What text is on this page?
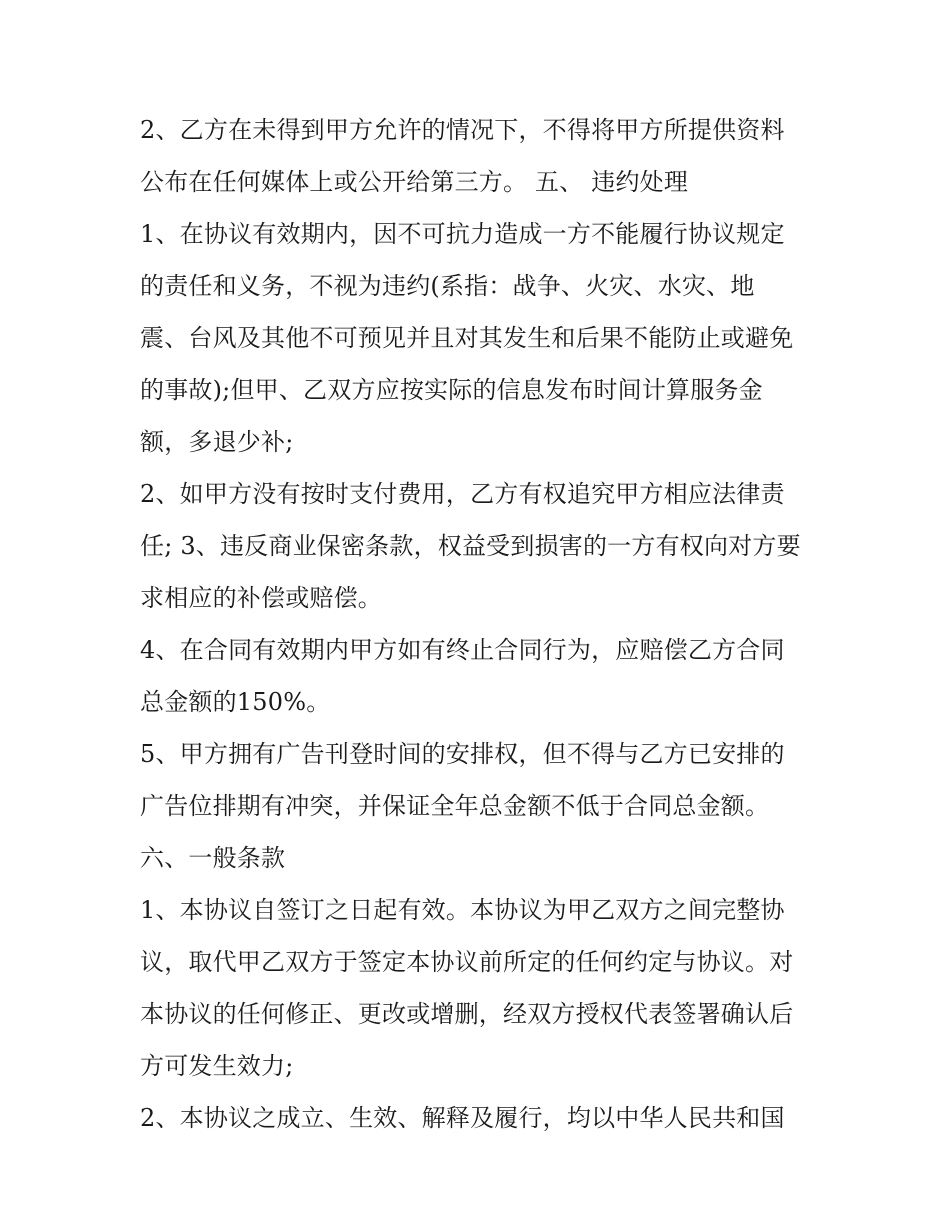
2、乙方在未得到甲方允许的情况下，不得将甲方所提供资料
公布在任何媒体上或公开给第三方。 五、 违约处理
1、在协议有效期内，因不可抗力造成一方不能履行协议规定
的责任和义务，不视为违约(系指：战争、火灾、水灾、地
震、台风及其他不可预见并且对其发生和后果不能防止或避免
的事故);但甲、乙双方应按实际的信息发布时间计算服务金
额，多退少补;
2、如甲方没有按时支付费用，乙方有权追究甲方相应法律责
任; 3、违反商业保密条款，权益受到损害的一方有权向对方要
求相应的补偿或赔偿。
4、在合同有效期内甲方如有终止合同行为，应赔偿乙方合同
总金额的150%。
5、甲方拥有广告刊登时间的安排权，但不得与乙方已安排的
广告位排期有冲突，并保证全年总金额不低于合同总金额。
六、一般条款
1、本协议自签订之日起有效。本协议为甲乙双方之间完整协
议，取代甲乙双方于签定本协议前所定的任何约定与协议。对
本协议的任何修正、更改或增删，经双方授权代表签署确认后
方可发生效力;
2、本协议之成立、生效、解释及履行，均以中华人民共和国
